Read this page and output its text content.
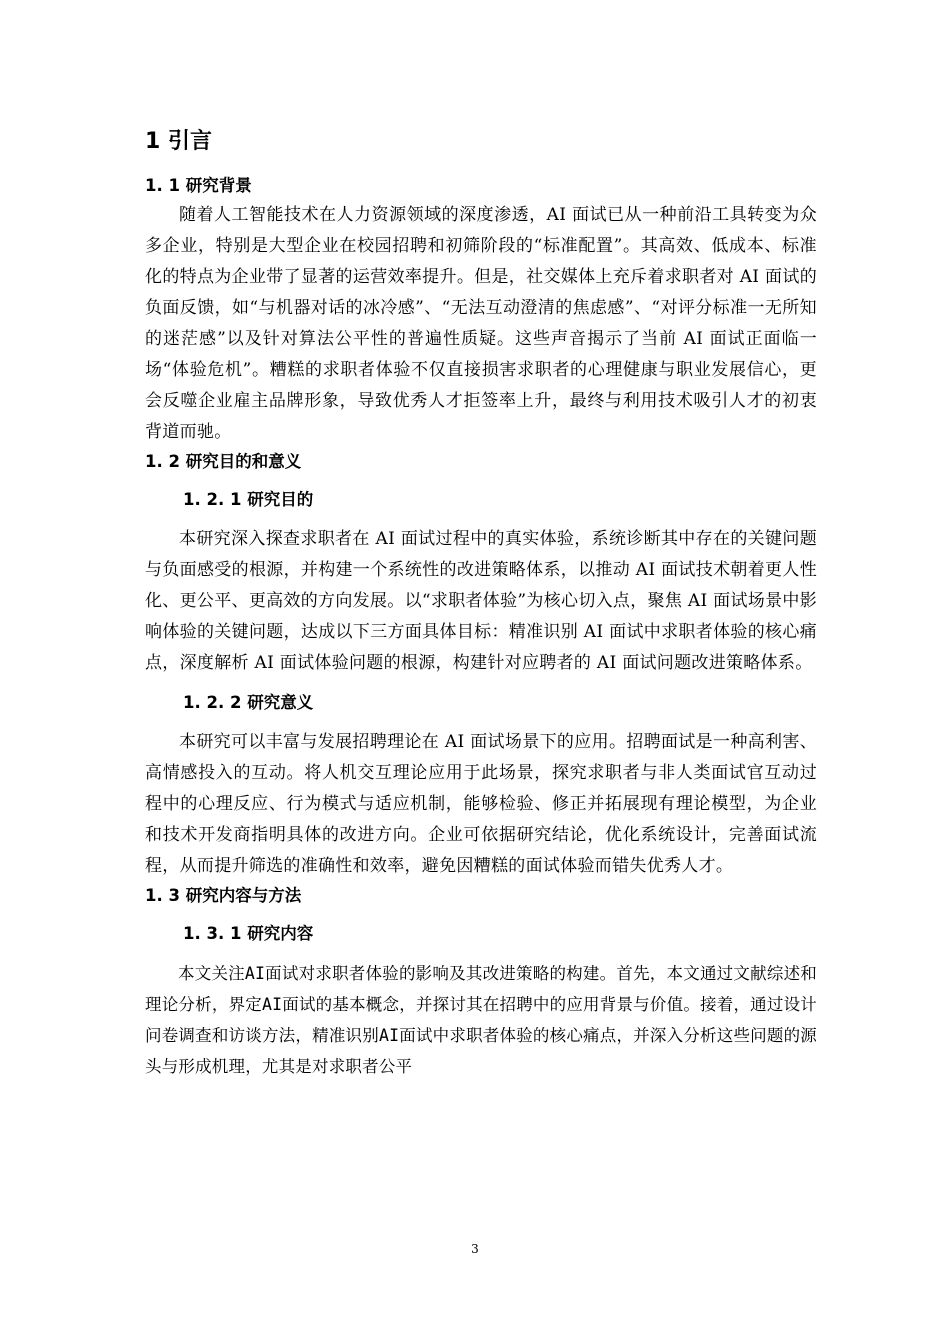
1 引言
1. 1 研究背景

随着人工智能技术在人力资源领域的深度渗透，AI 面试已从一种前沿工具转变为众多企业，特别是大型企业在校园招聘和初筛阶段的“标准配置”。其高效、低成本、标准化的特点为企业带了显著的运营效率提升。但是，社交媒体上充斥着求职者对 AI 面试的负面反馈，如“与机器对话的冰冷感”、“无法互动澄清的焦虑感”、“对评分标准一无所知的迷茫感”以及针对算法公平性的普遍性质疑。这些声音揭示了当前 AI 面试正面临一场“体验危机”。糟糕的求职者体验不仅直接损害求职者的心理健康与职业发展信心，更会反噬企业雇主品牌形象，导致优秀人才拒签率上升，最终与利用技术吸引人才的初衷背道而驰。

1. 2 研究目的和意义
1. 2. 1 研究目的

本研究深入探查求职者在 AI 面试过程中的真实体验，系统诊断其中存在的关键问题与负面感受的根源，并构建一个系统性的改进策略体系，以推动 AI 面试技术朝着更人性化、更公平、更高效的方向发展。以“求职者体验”为核心切入点，聚焦 AI 面试场景中影响体验的关键问题，达成以下三方面具体目标：精准识别 AI 面试中求职者体验的核心痛点，深度解析 AI 面试体验问题的根源，构建针对应聘者的 AI 面试问题改进策略体系。

1. 2. 2 研究意义

本研究可以丰富与发展招聘理论在 AI 面试场景下的应用。招聘面试是一种高利害、高情感投入的互动。将人机交互理论应用于此场景，探究求职者与非人类面试官互动过程中的心理反应、行为模式与适应机制，能够检验、修正并拓展现有理论模型，为企业和技术开发商指明具体的改进方向。企业可依据研究结论，优化系统设计，完善面试流程，从而提升筛选的准确性和效率，避免因糟糕的面试体验而错失优秀人才。

1. 3 研究内容与方法
1. 3. 1 研究内容

本文关注AI面试对求职者体验的影响及其改进策略的构建。首先，本文通过文献综述和理论分析，界定AI面试的基本概念，并探讨其在招聘中的应用背景与价值。接着，通过设计问卷调查和访谈方法，精准识别AI面试中求职者体验的核心痛点，并深入分析这些问题的源头与形成机理，尤其是对求职者公平

3
